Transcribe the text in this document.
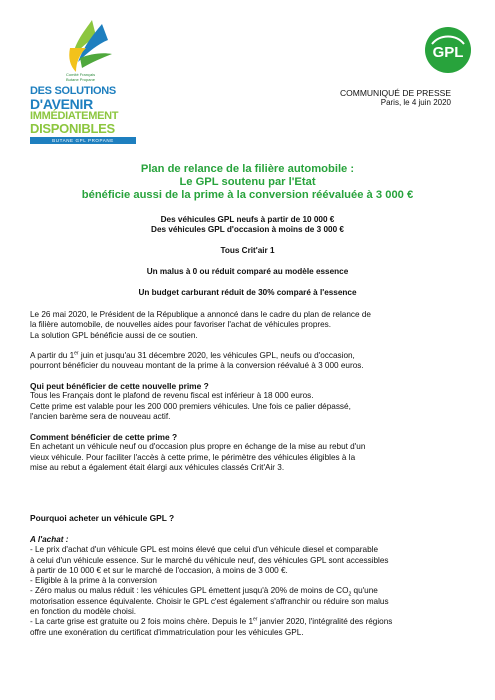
Comité Français
Butane Propane
DES SOLUTIONS
D'AVENIR
IMMÉDIATEMENT
DISPONIBLES
BUTANE GPL PROPANE
GPL
COMMUNIQUÉ DE PRESSE
Paris, le 4 juin 2020
Plan de relance de la filière automobile :
Le GPL soutenu par l'Etat
bénéficie aussi de la prime à la conversion réévaluée à 3 000 €
Des véhicules GPL neufs à partir de 10 000 €
Des véhicules GPL d'occasion à moins de 3 000 €
Tous Crit'air 1
Un malus à 0 ou réduit comparé au modèle essence
Un budget carburant réduit de 30% comparé à l'essence
Le 26 mai 2020, le Président de la République a annoncé dans le cadre du plan de relance de
la filière automobile, de nouvelles aides pour favoriser l'achat de véhicules propres.
La solution GPL bénéficie aussi de ce soutien.
A partir du 1er juin et jusqu'au 31 décembre 2020, les véhicules GPL, neufs ou d'occasion,
pourront bénéficier du nouveau montant de la prime à la conversion réévalué à 3 000 euros.
Qui peut bénéficier de cette nouvelle prime ?
Tous les Français dont le plafond de revenu fiscal est inférieur à 18 000 euros.
Cette prime est valable pour les 200 000 premiers véhicules. Une fois ce palier dépassé,
l'ancien barème sera de nouveau actif.
Comment bénéficier de cette prime ?
En achetant un véhicule neuf ou d'occasion plus propre en échange de la mise au rebut d'un
vieux véhicule. Pour faciliter l'accès à cette prime, le périmètre des véhicules éligibles à la
mise au rebut a également était élargi aux véhicules classés Crit'Air 3.
Pourquoi acheter un véhicule GPL ?
A l'achat :
- Le prix d'achat d'un véhicule GPL est moins élevé que celui d'un véhicule diesel et comparable
à celui d'un véhicule essence. Sur le marché du véhicule neuf, des véhicules GPL sont accessibles
à partir de 10 000 € et sur le marché de l'occasion, à moins de 3 000 €.
- Eligible à la prime à la conversion
- Zéro malus ou malus réduit : les véhicules GPL émettent jusqu'à 20% de moins de $CO_2$ qu'une
motorisation essence équivalente. Choisir le GPL c'est également s'affranchir ou réduire son malus
en fonction du modèle choisi.
- La carte grise est gratuite ou 2 fois moins chère. Depuis le 1er janvier 2020, l'intégralité des régions
offre une exonération du certificat d'immatriculation pour les véhicules GPL.
